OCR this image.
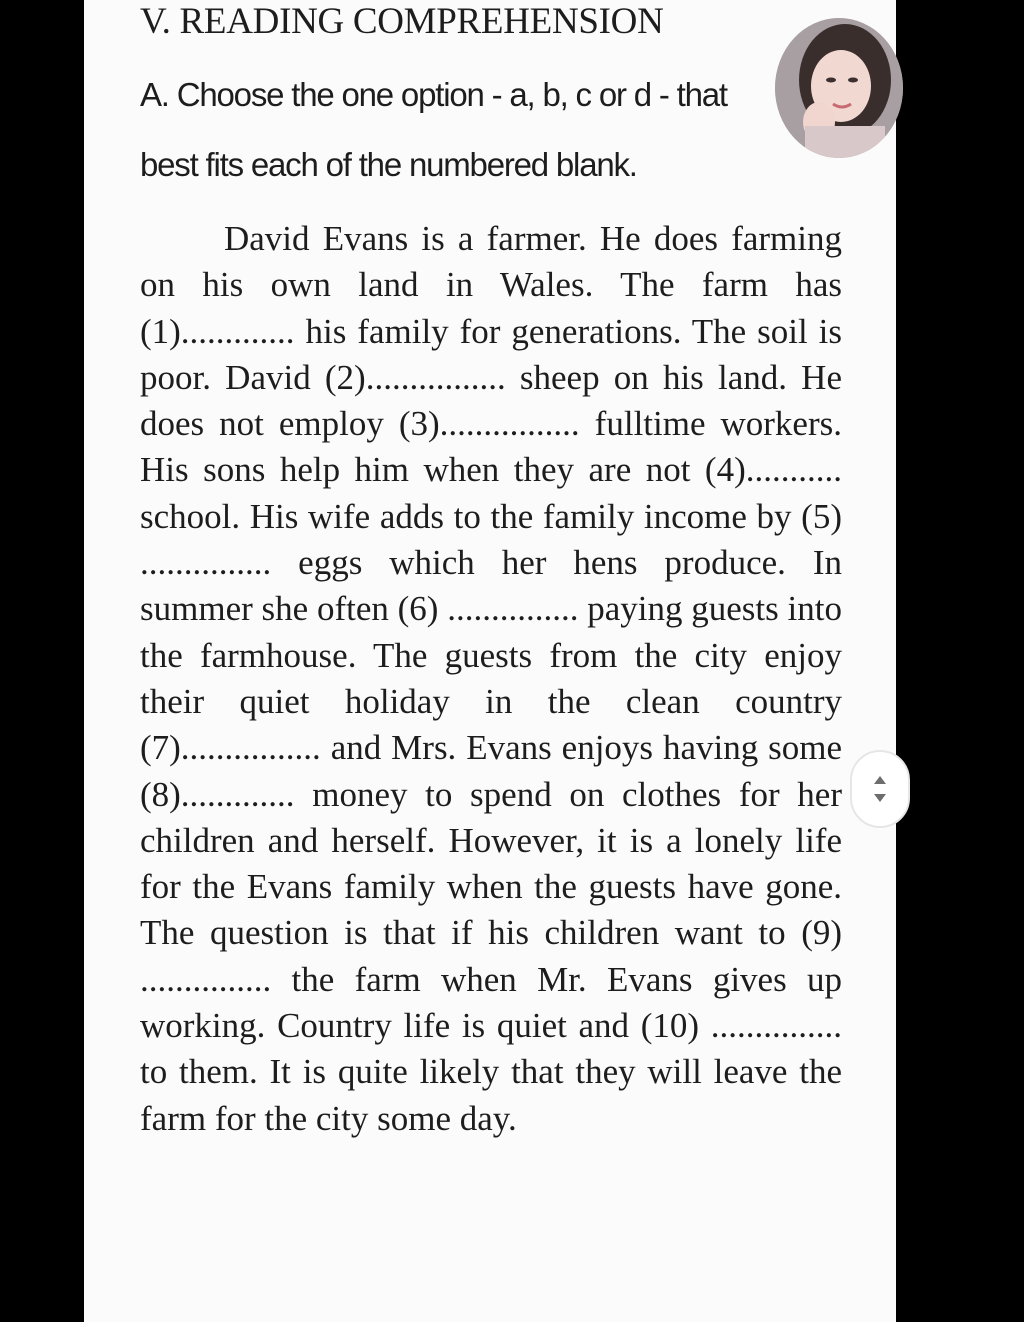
V. READING COMPREHENSION
A. Choose the one option - a, b, c or d - that best fits each of the numbered blank.
David Evans is a farmer. He does farming on his own land in Wales. The farm has (1)............. his family for generations. The soil is poor. David (2)................ sheep on his land. He does not employ (3)................ fulltime workers. His sons help him when they are not (4)........... school. His wife adds to the family income by (5) ............... eggs which her hens produce. In summer she often (6) ............... paying guests into the farmhouse. The guests from the city enjoy their quiet holiday in the clean country (7)................ and Mrs. Evans enjoys having some (8)............. money to spend on clothes for her children and herself. However, it is a lonely life for the Evans family when the guests have gone. The question is that if his children want to (9) ............... the farm when Mr. Evans gives up working. Country life is quiet and (10) ............... to them. It is quite likely that they will leave the farm for the city some day.
